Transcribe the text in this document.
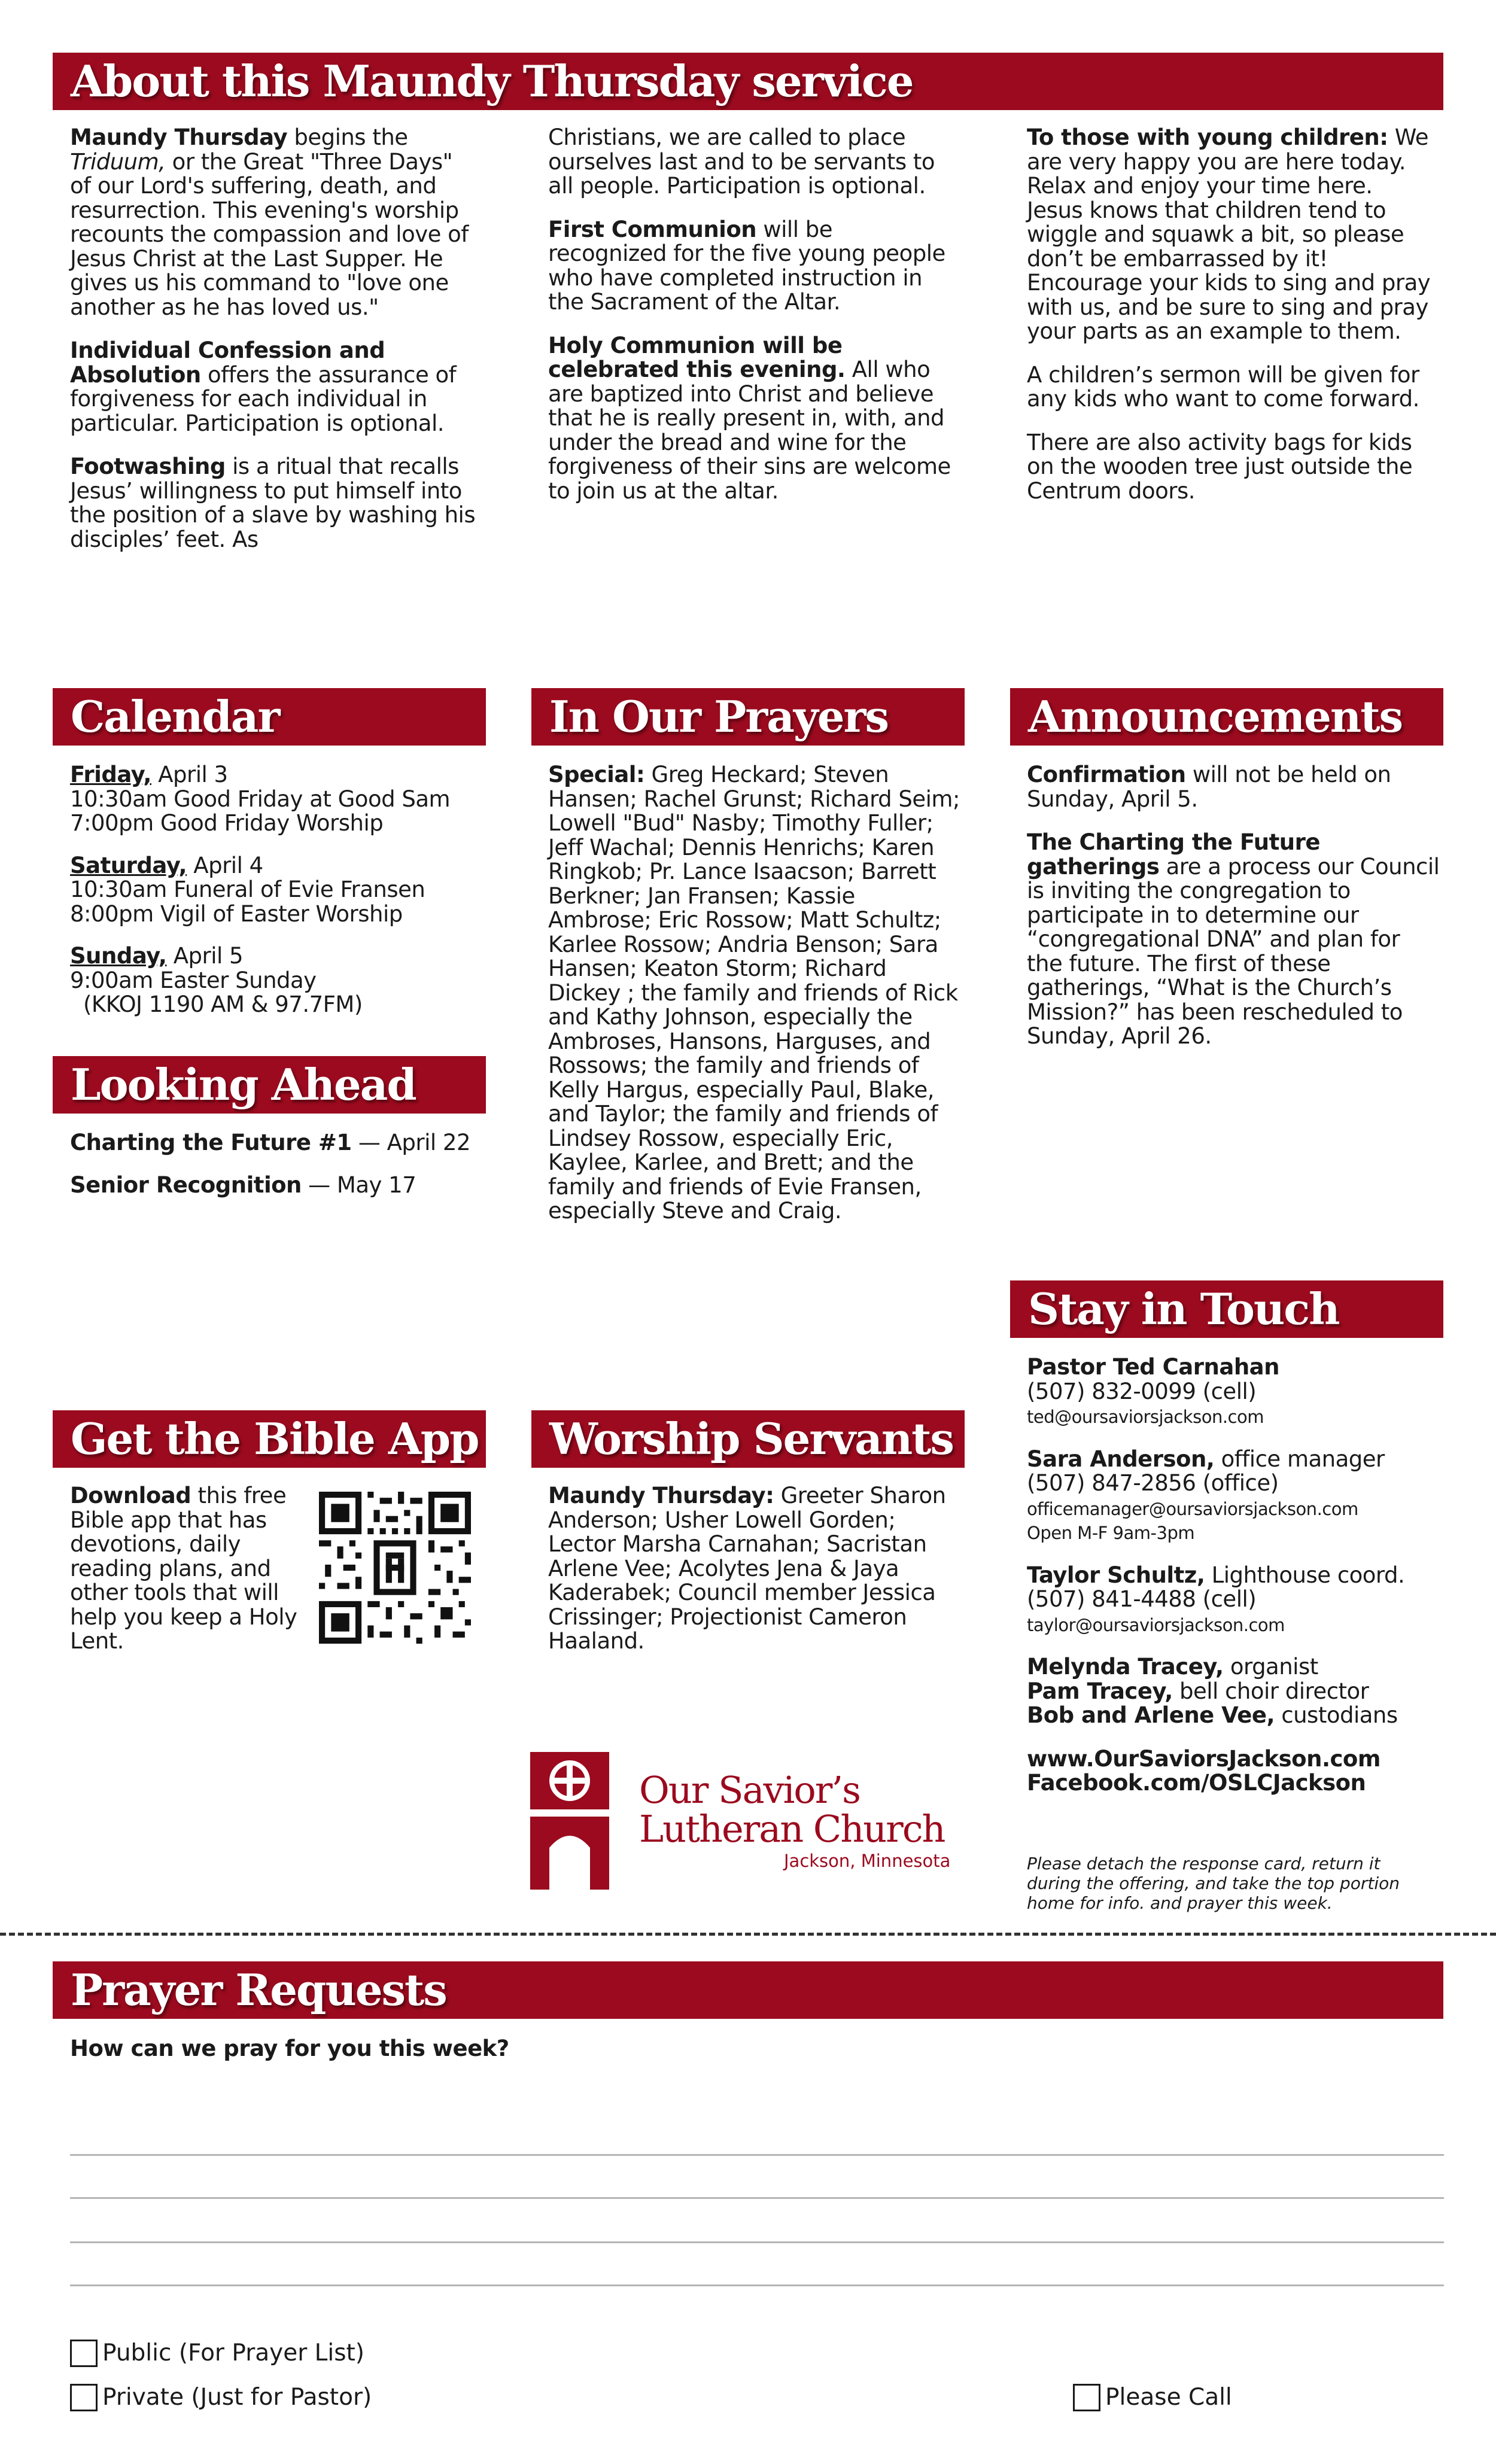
About this Maundy Thursday service

Maundy Thursday begins the Triduum, or the Great "Three Days" of our Lord's suffering, death, and resurrection. This evening's worship recounts the compassion and love of Jesus Christ at the Last Supper. He gives us his command to "love one another as he has loved us."

Individual Confession and Absolution offers the assurance of forgiveness for each individual in particular. Participation is optional.

Footwashing is a ritual that recalls Jesus’ willingness to put himself into the position of a slave by washing his disciples’ feet. As

Christians, we are called to place ourselves last and to be servants to all people. Participation is optional.

First Communion will be recognized for the five young people who have completed instruction in the Sacrament of the Altar.

Holy Communion will be celebrated this evening. All who are baptized into Christ and believe that he is really present in, with, and under the bread and wine for the forgiveness of their sins are welcome to join us at the altar.

To those with young children: We are very happy you are here today. Relax and enjoy your time here. Jesus knows that children tend to wiggle and squawk a bit, so please don’t be embarrassed by it! Encourage your kids to sing and pray with us, and be sure to sing and pray your parts as an example to them.

A children’s sermon will be given for any kids who want to come forward.

There are also activity bags for kids on the wooden tree just outside the Centrum doors.

Calendar

Friday, April 3
10:30am Good Friday at Good Sam
7:00pm Good Friday Worship

Saturday, April 4
10:30am Funeral of Evie Fransen
8:00pm Vigil of Easter Worship

Sunday, April 5
9:00am Easter Sunday
(KKOJ 1190 AM & 97.7FM)

Looking Ahead

Charting the Future #1 — April 22

Senior Recognition — May 17

In Our Prayers

Special: Greg Heckard; Steven Hansen; Rachel Grunst; Richard Seim; Lowell "Bud" Nasby; Timothy Fuller; Jeff Wachal; Dennis Henrichs; Karen Ringkob; Pr. Lance Isaacson; Barrett Berkner; Jan Fransen; Kassie Ambrose; Eric Rossow; Matt Schultz; Karlee Rossow; Andria Benson; Sara Hansen; Keaton Storm; Richard Dickey ; the family and friends of Rick and Kathy Johnson, especially the Ambroses, Hansons, Harguses, and Rossows; the family and friends of Kelly Hargus, especially Paul, Blake, and Taylor; the family and friends of Lindsey Rossow, especially Eric, Kaylee, Karlee, and Brett; and the family and friends of Evie Fransen, especially Steve and Craig.

Announcements

Confirmation will not be held on Sunday, April 5.

The Charting the Future gatherings are a process our Council is inviting the congregation to participate in to determine our “congregational DNA” and plan for the future. The first of these gatherings, “What is the Church’s Mission?” has been rescheduled to Sunday, April 26.

Stay in Touch

Pastor Ted Carnahan
(507) 832-0099 (cell)
ted@oursaviorsjackson.com

Sara Anderson, office manager
(507) 847-2856 (office)
officemanager@oursaviorsjackson.com
Open M-F 9am-3pm

Taylor Schultz, Lighthouse coord.
(507) 841-4488 (cell)
taylor@oursaviorsjackson.com

Melynda Tracey, organist
Pam Tracey, bell choir director
Bob and Arlene Vee, custodians

www.OurSaviorsJackson.com
Facebook.com/OSLCJackson

Get the Bible App

Download this free Bible app that has devotions, daily reading plans, and other tools that will help you keep a Holy Lent.

Worship Servants

Maundy Thursday: Greeter Sharon Anderson; Usher Lowell Gorden; Lector Marsha Carnahan; Sacristan Arlene Vee; Acolytes Jena & Jaya Kaderabek; Council member Jessica Crissinger; Projectionist Cameron Haaland.

Our Savior’s
Lutheran Church
Jackson, Minnesota	Please detach the response card, return it during the offering, and take the top portion home for info. and prayer this week.
Prayer Requests
How can we pray for you this week?
Public (For Prayer List)
Private (Just for Pastor)	Please Call
